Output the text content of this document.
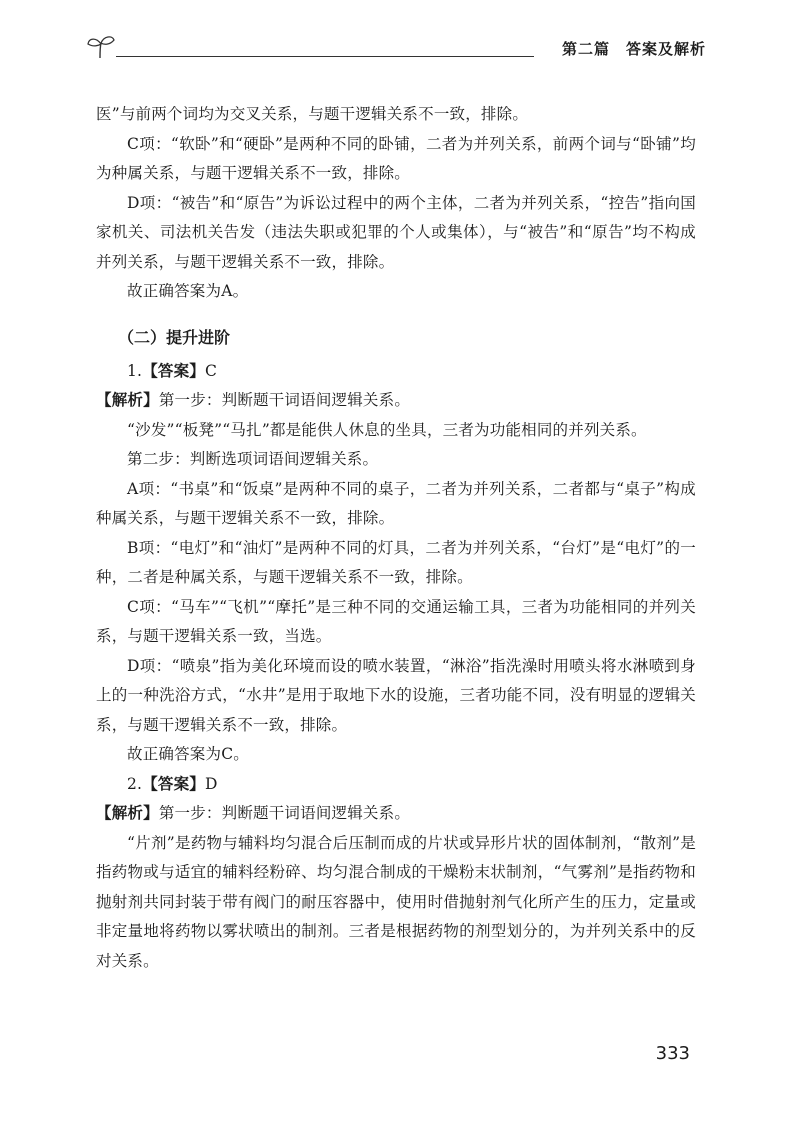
第二篇　答案及解析

医”与前两个词均为交叉关系，与题干逻辑关系不一致，排除。

C项：“软卧”和“硬卧”是两种不同的卧铺，二者为并列关系，前两个词与“卧铺”均为种属关系，与题干逻辑关系不一致，排除。

D项：“被告”和“原告”为诉讼过程中的两个主体，二者为并列关系，“控告”指向国家机关、司法机关告发（违法失职或犯罪的个人或集体），与“被告”和“原告”均不构成并列关系，与题干逻辑关系不一致，排除。

故正确答案为A。

（二）提升进阶

1.【答案】C

【解析】第一步：判断题干词语间逻辑关系。

“沙发”“板凳”“马扎”都是能供人休息的坐具，三者为功能相同的并列关系。

第二步：判断选项词语间逻辑关系。

A项：“书桌”和“饭桌”是两种不同的桌子，二者为并列关系，二者都与“桌子”构成种属关系，与题干逻辑关系不一致，排除。

B项：“电灯”和“油灯”是两种不同的灯具，二者为并列关系，“台灯”是“电灯”的一种，二者是种属关系，与题干逻辑关系不一致，排除。

C项：“马车”“飞机”“摩托”是三种不同的交通运输工具，三者为功能相同的并列关系，与题干逻辑关系一致，当选。

D项：“喷泉”指为美化环境而设的喷水装置，“淋浴”指洗澡时用喷头将水淋喷到身上的一种洗浴方式，“水井”是用于取地下水的设施，三者功能不同，没有明显的逻辑关系，与题干逻辑关系不一致，排除。

故正确答案为C。

2.【答案】D

【解析】第一步：判断题干词语间逻辑关系。

“片剂”是药物与辅料均匀混合后压制而成的片状或异形片状的固体制剂，“散剂”是指药物或与适宜的辅料经粉碎、均匀混合制成的干燥粉末状制剂，“气雾剂”是指药物和抛射剂共同封装于带有阀门的耐压容器中，使用时借抛射剂气化所产生的压力，定量或非定量地将药物以雾状喷出的制剂。三者是根据药物的剂型划分的，为并列关系中的反对关系。

333
